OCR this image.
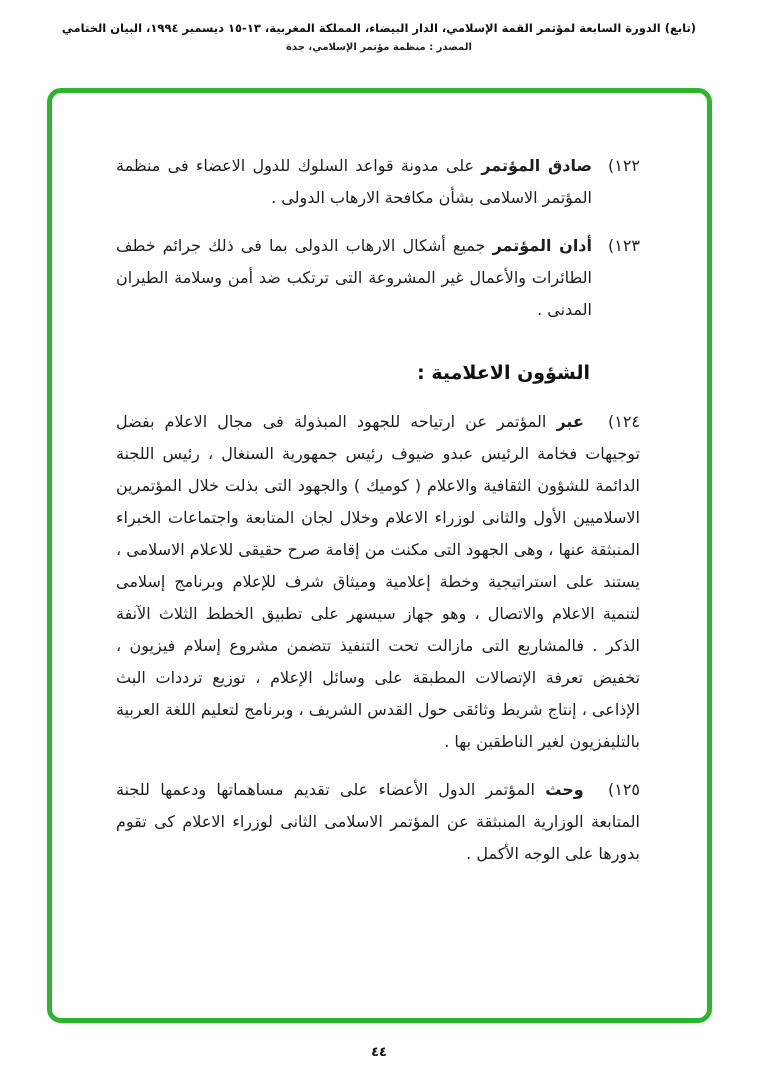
(تابع) الدورة السابعة لمؤتمر القمة الإسلامي، الدار البيضاء، المملكة المغربية، ١٣-١٥ ديسمبر ١٩٩٤، البيان الختامي
المصدر : منظمة مؤتمر الإسلامي، جدة
١٢٢)

صادق المؤتمر على مدونة قواعد السلوك للدول الاعضاء فى منظمة المؤتمر الاسلامى بشأن مكافحة الارهاب الدولى .

١٢٣)

أدان المؤتمر جميع أشكال الارهاب الدولى بما فى ذلك جرائم خطف الطائرات والأعمال غير المشروعة التى ترتكب ضد أمن وسلامة الطيران المدنى .

الشؤون الاعلامية :

١٢٤) عبر المؤتمر عن ارتياحه للجهود المبذولة فى مجال الاعلام بفضل توجيهات فخامة الرئيس عبدو ضيوف رئيس جمهورية السنغال ، رئيس اللجنة الدائمة للشؤون الثقافية والاعلام ( كوميك ) والجهود التى بذلت خلال المؤتمرين الاسلاميين الأول والثانى لوزراء الاعلام وخلال لجان المتابعة واجتماعات الخبراء المنبثقة عنها ، وهى الجهود التى مكنت من إقامة صرح حقيقى للاعلام الاسلامى ، يستند على استراتيجية وخطة إعلامية وميثاق شرف للإعلام وبرنامج إسلامى لتنمية الاعلام والاتصال ، وهو جهاز سيسهر على تطبيق الخطط الثلاث الآنفة الذكر . فالمشاريع التى مازالت تحت التنفيذ تتضمن مشروع إسلام فيزيون ، تخفيض تعرفة الإتصالات المطبقة على وسائل الإعلام ، توزيع ترددات البث الإذاعى ، إنتاج شريط وثائقى حول القدس الشريف ، وبرنامج لتعليم اللغة العربية بالتليفزيون لغير الناطقين بها .

١٢٥) وحث المؤتمر الدول الأعضاء على تقديم مساهماتها ودعمها للجنة المتابعة الوزارية المنبثقة عن المؤتمر الاسلامى الثانى لوزراء الاعلام كى تقوم بدورها على الوجه الأكمل .

٤٤
